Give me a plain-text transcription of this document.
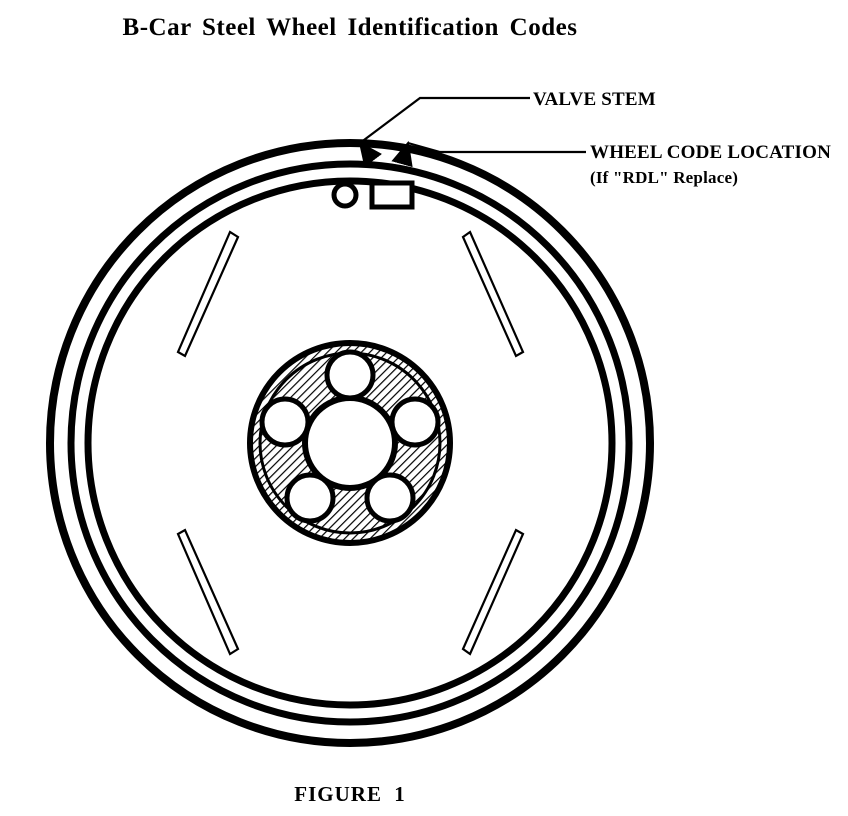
B-Car Steel Wheel Identification Codes
VALVE STEM
WHEEL CODE LOCATION
(If "RDL" Replace)
FIGURE 1
